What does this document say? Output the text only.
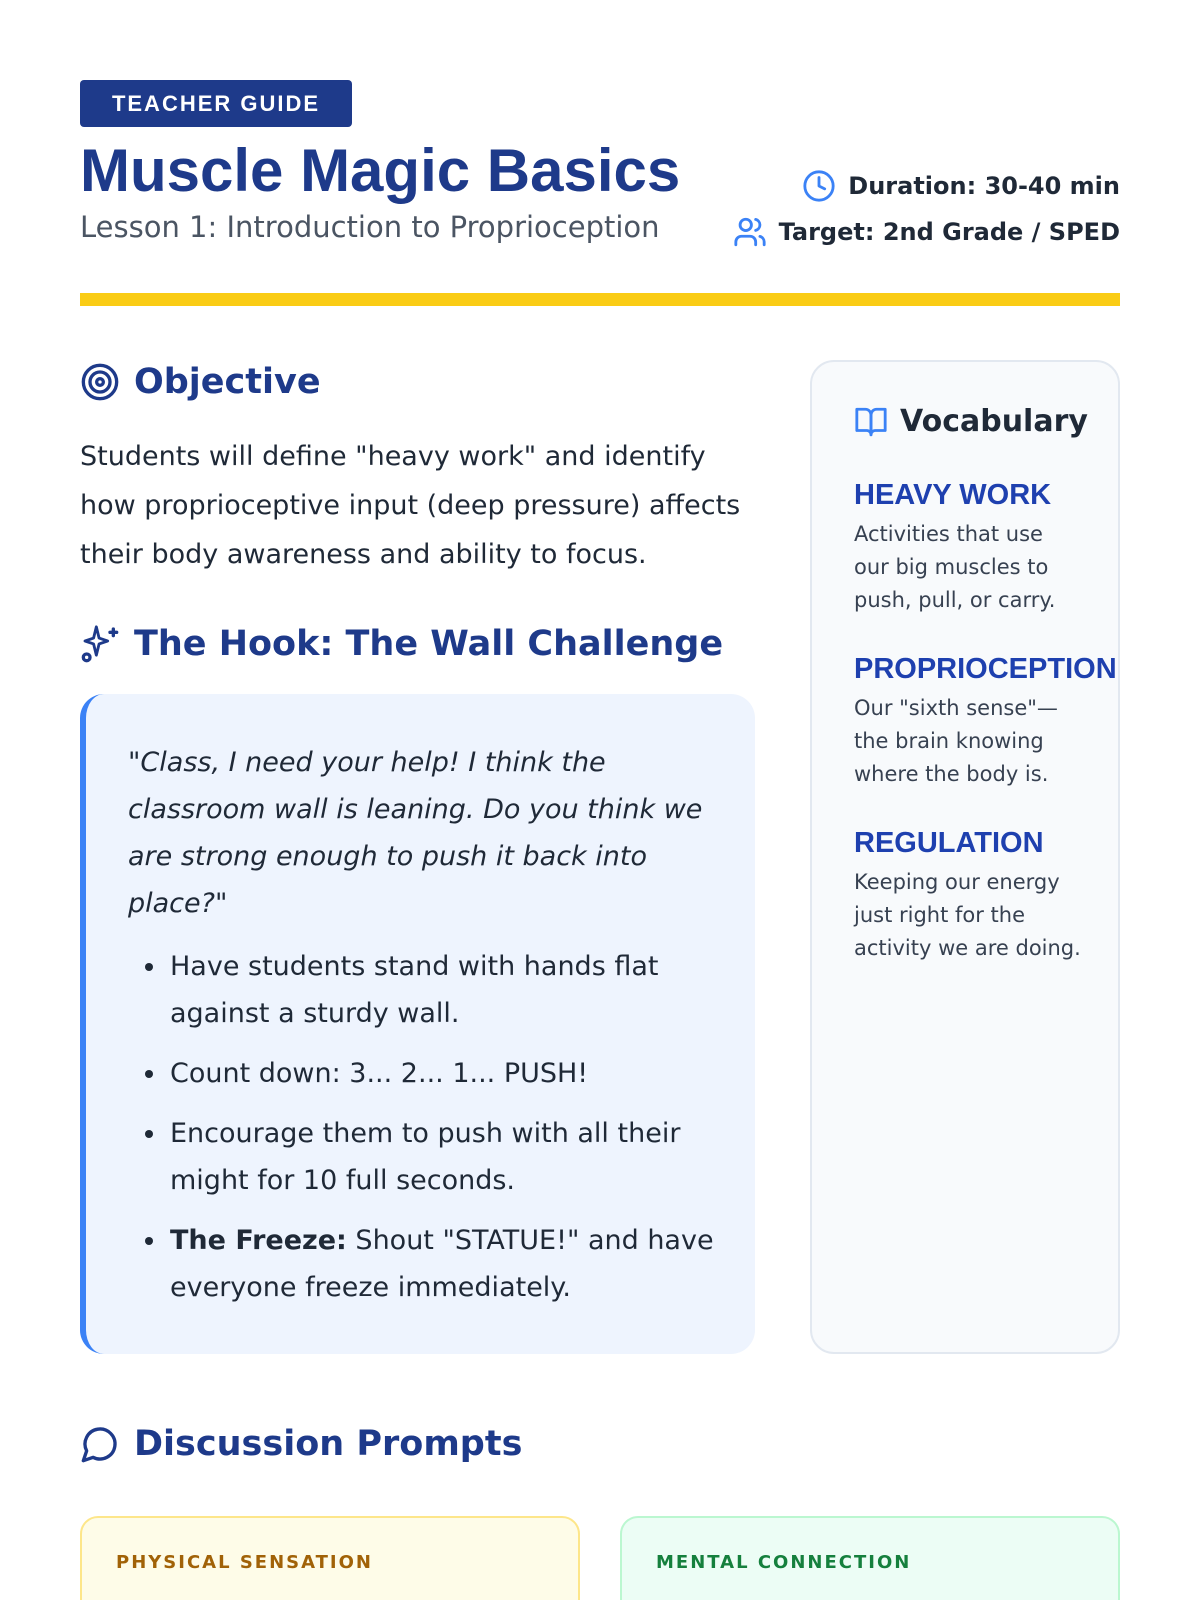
TEACHER GUIDE
Muscle Magic Basics
Lesson 1: Introduction to Proprioception
Duration: 30-40 min
Target: 2nd Grade / SPED
Objective

Students will define "heavy work" and identify how proprioceptive input (deep pressure) affects their body awareness and ability to focus.

The Hook: The Wall Challenge

"Class, I need your help! I think the classroom wall is leaning. Do you think we are strong enough to push it back into place?"

• Have students stand with hands flat against a sturdy wall.
• Count down: 3... 2... 1... PUSH!
• Encourage them to push with all their might for 10 full seconds.
• The Freeze: Shout "STATUE!" and have everyone freeze immediately.
Vocabulary
HEAVY WORK
Activities that use our big muscles to push, pull, or carry.
PROPRIOCEPTION
Our "sixth sense"— the brain knowing where the body is.
REGULATION
Keeping our energy just right for the activity we are doing.
Discussion Prompts
PHYSICAL SENSATION	MENTAL CONNECTION
